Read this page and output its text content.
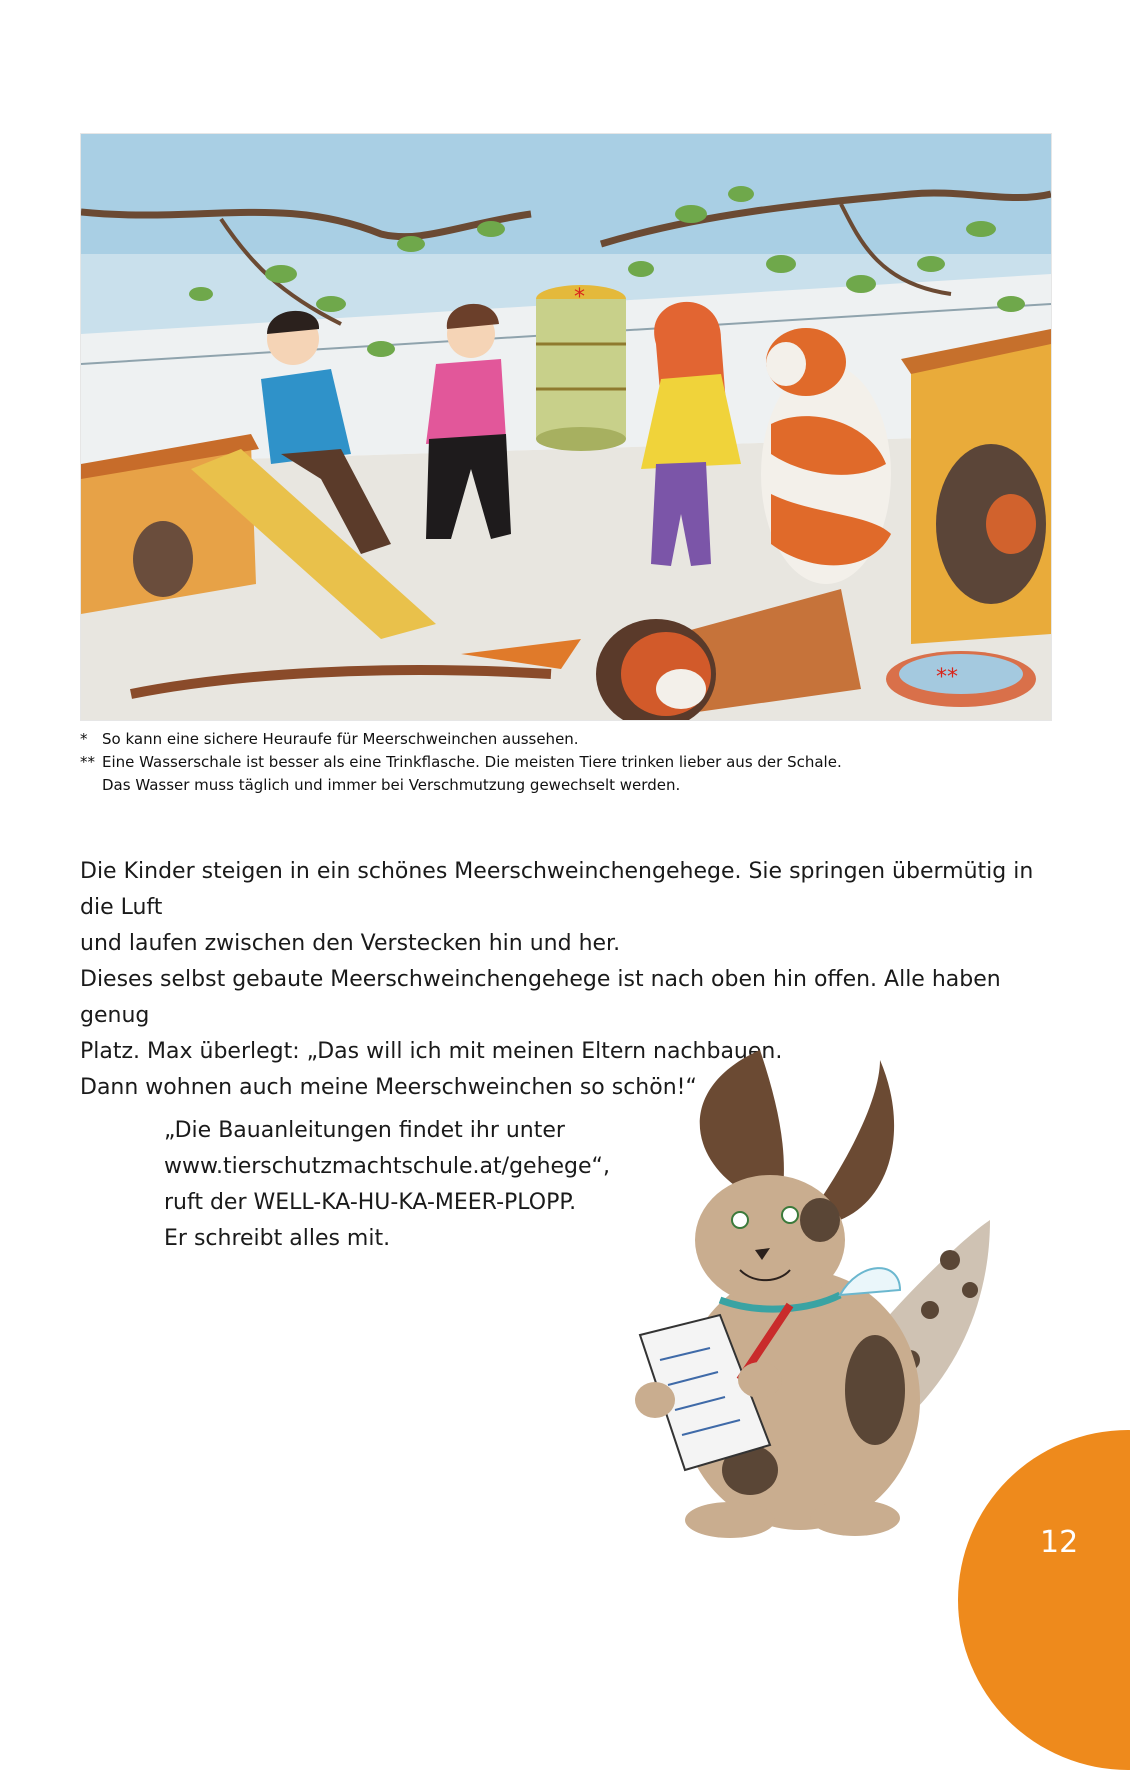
*
**
* So kann eine sichere Heuraufe für Meerschweinchen aussehen.
** Eine Wasserschale ist besser als eine Trinkflasche. Die meisten Tiere trinken lieber aus der Schale.
Das Wasser muss täglich und immer bei Verschmutzung gewechselt werden.

Die Kinder steigen in ein schönes Meerschweinchengehege. Sie springen übermütig in die Luft
und laufen zwischen den Verstecken hin und her.

Dieses selbst gebaute Meerschweinchengehege ist nach oben hin offen. Alle haben genug
Platz. Max überlegt: „Das will ich mit meinen Eltern nachbauen.
Dann wohnen auch meine Meerschweinchen so schön!“

„Die Bauanleitungen findet ihr unter
www.tierschutzmachtschule.at/gehege“,
ruft der WELL-KA-HU-KA-MEER-PLOPP.
Er schreibt alles mit.

12
